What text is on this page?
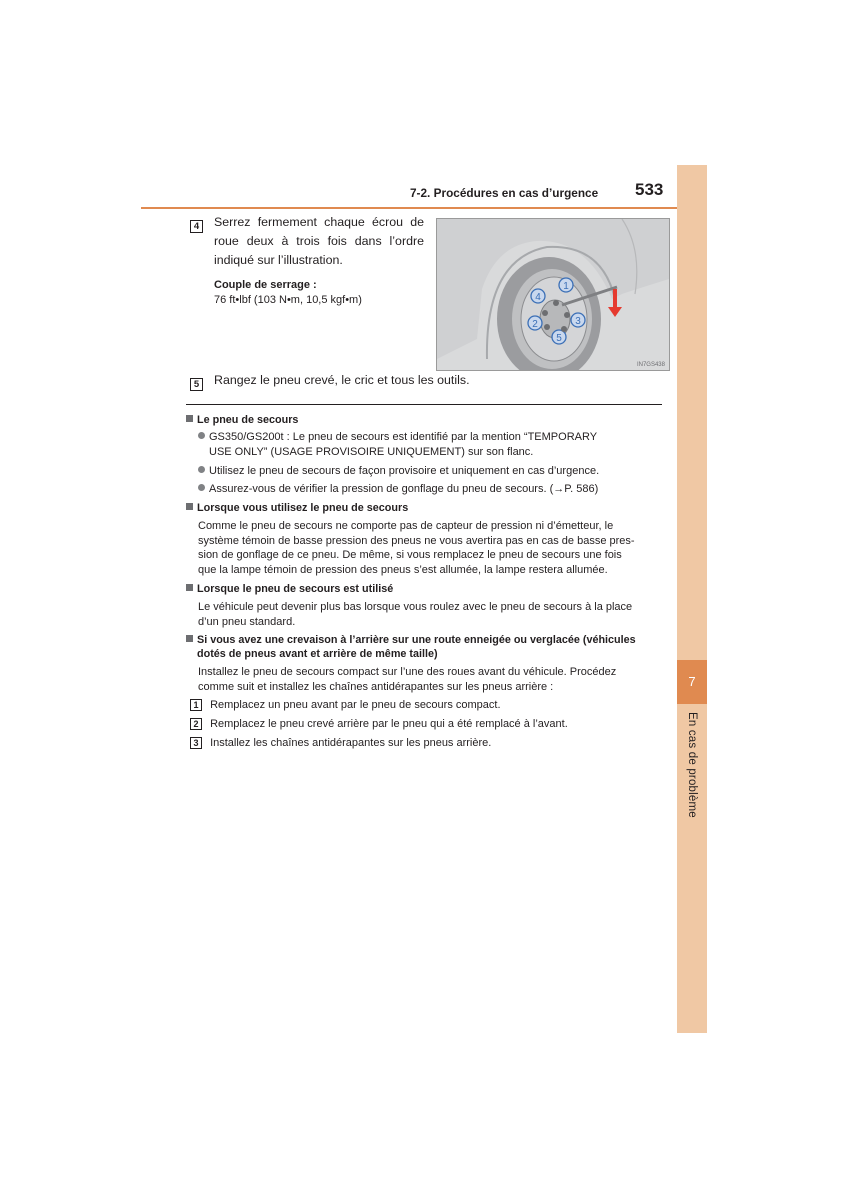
7
En cas de problème
7-2. Procédures en cas d’urgence 533
4	Serrez fermement chaque écrou de
roue deux à trois fois dans l’ordre
indiqué sur l’illustration.
Couple de serrage :
76 ft•lbf (103 N•m, 10,5 kgf•m)
1
4
3
2
5
IN7GS438
5	Rangez le pneu crevé, le cric et tous les outils.
Le pneu de secours
GS350/GS200t : Le pneu de secours est identifié par la mention “TEMPORARY
USE ONLY” (USAGE PROVISOIRE UNIQUEMENT) sur son flanc.
Utilisez le pneu de secours de façon provisoire et uniquement en cas d’urgence.
Assurez-vous de vérifier la pression de gonflage du pneu de secours. (→P. 586)
Lorsque vous utilisez le pneu de secours
Comme le pneu de secours ne comporte pas de capteur de pression ni d’émetteur, le
système témoin de basse pression des pneus ne vous avertira pas en cas de basse pres-
sion de gonflage de ce pneu. De même, si vous remplacez le pneu de secours une fois
que la lampe témoin de pression des pneus s’est allumée, la lampe restera allumée.
Lorsque le pneu de secours est utilisé
Le véhicule peut devenir plus bas lorsque vous roulez avec le pneu de secours à la place
d’un pneu standard.
Si vous avez une crevaison à l’arrière sur une route enneigée ou verglacée (véhicules
dotés de pneus avant et arrière de même taille)
Installez le pneu de secours compact sur l’une des roues avant du véhicule. Procédez
comme suit et installez les chaînes antidérapantes sur les pneus arrière :
1 Remplacez un pneu avant par le pneu de secours compact.
2 Remplacez le pneu crevé arrière par le pneu qui a été remplacé à l’avant.
3 Installez les chaînes antidérapantes sur les pneus arrière.
